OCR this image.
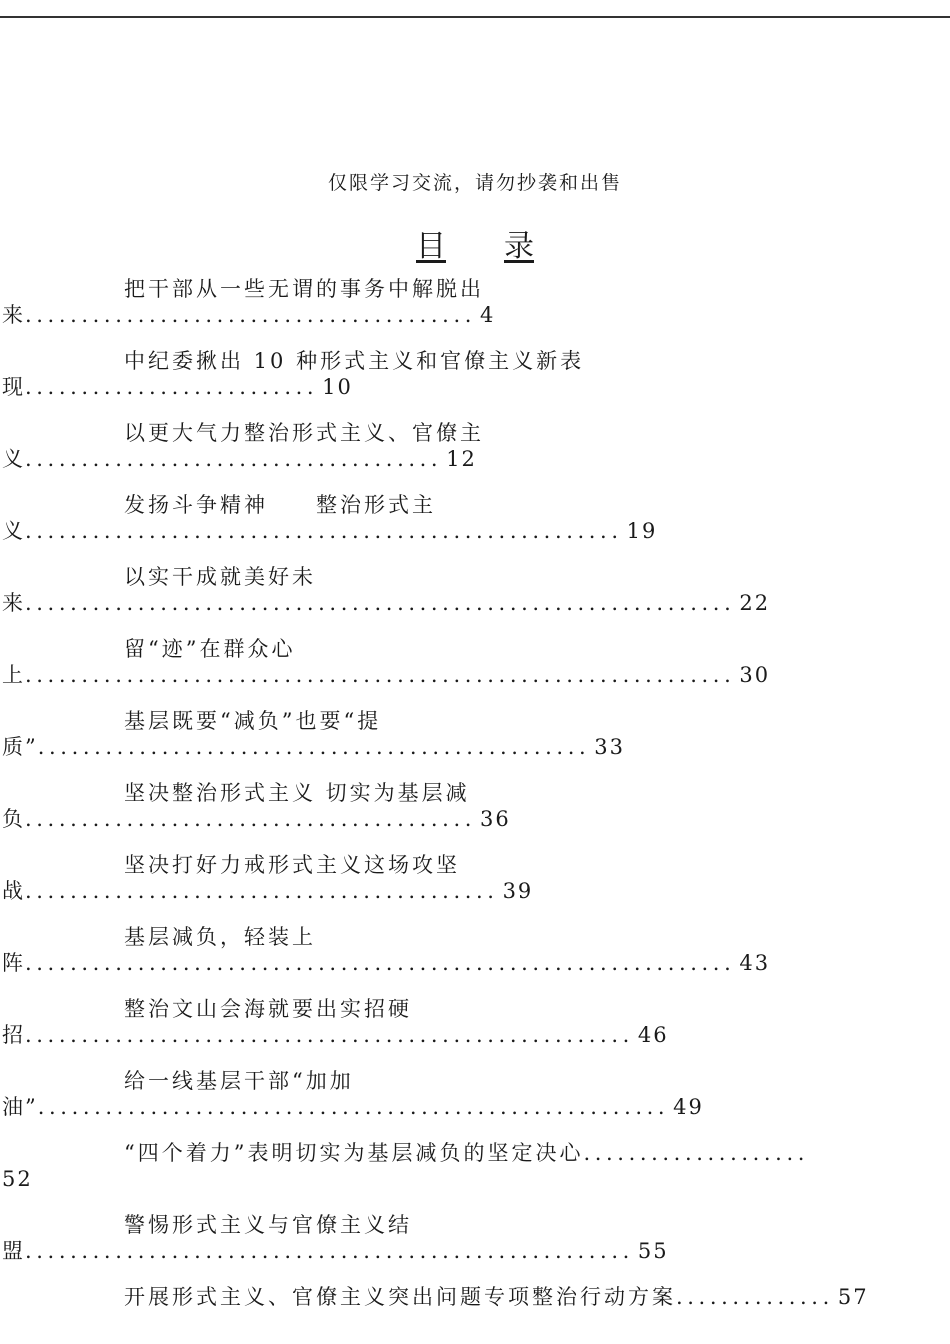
仅限学习交流，请勿抄袭和出售
目 录
把干部从一些无谓的事务中解脱出
来........................................ 4
中纪委揪出 10 种形式主义和官僚主义新表
现.......................... 10
以更大气力整治形式主义、官僚主
义..................................... 12
发扬斗争精神　　整治形式主
义..................................................... 19
以实干成就美好未
来............................................................... 22
留“迹”在群众心
上............................................................... 30
基层既要“减负”也要“提
质”................................................. 33
坚决整治形式主义 切实为基层减
负........................................ 36
坚决打好力戒形式主义这场攻坚
战.......................................... 39
基层减负，轻装上
阵............................................................... 43
整治文山会海就要出实招硬
招...................................................... 46
给一线基层干部“加加
油”........................................................ 49
“四个着力”表明切实为基层减负的坚定决心....................
52
警惕形式主义与官僚主义结
盟...................................................... 55
开展形式主义、官僚主义突出问题专项整治行动方案.............. 57
